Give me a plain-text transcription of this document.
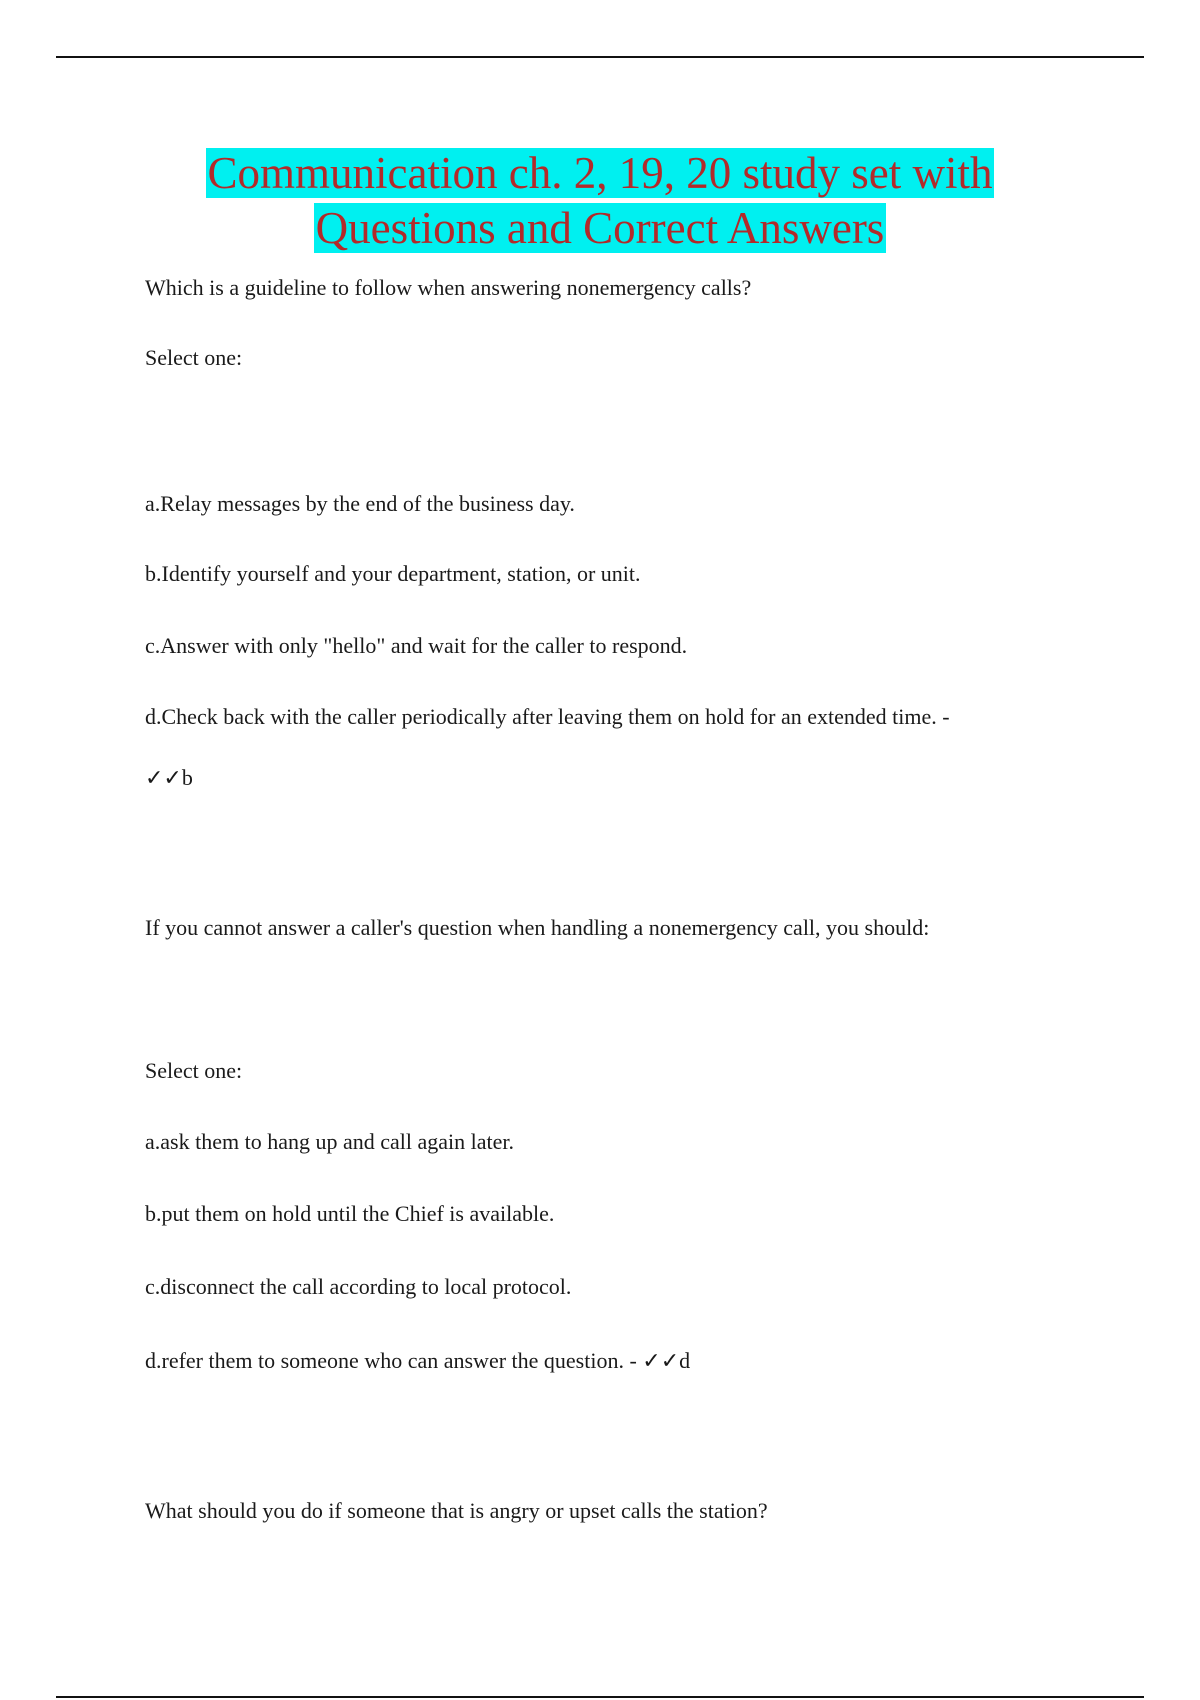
Communication ch. 2, 19, 20 study set with
Questions and Correct Answers
Which is a guideline to follow when answering nonemergency calls?
Select one:
a.Relay messages by the end of the business day.
b.Identify yourself and your department, station, or unit.
c.Answer with only "hello" and wait for the caller to respond.
d.Check back with the caller periodically after leaving them on hold for an extended time. -
✓✓b
If you cannot answer a caller's question when handling a nonemergency call, you should:
Select one:
a.ask them to hang up and call again later.
b.put them on hold until the Chief is available.
c.disconnect the call according to local protocol.
d.refer them to someone who can answer the question. - ✓✓d
What should you do if someone that is angry or upset calls the station?
